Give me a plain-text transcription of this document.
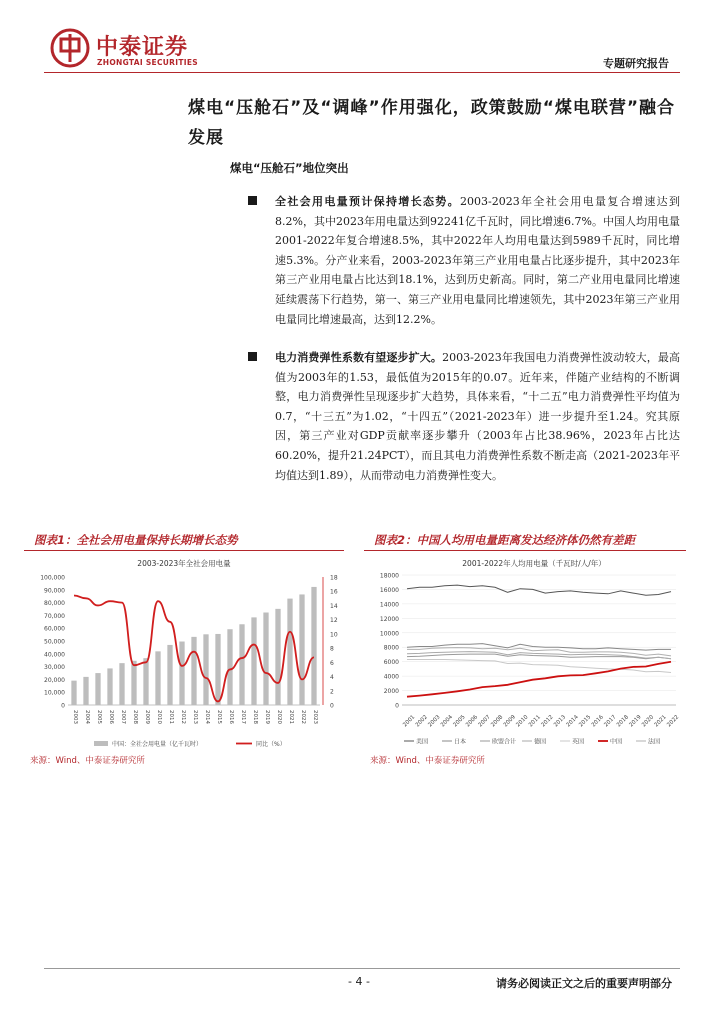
中泰证券
ZHONGTAI SECURITIES	专题研究报告
煤电“压舱石”及“调峰”作用强化，政策鼓励“煤电联营”融合发展
煤电“压舱石”地位突出
全社会用电量预计保持增长态势。2003-2023年全社会用电量复合增速达到8.2%，其中2023年用电量达到92241亿千瓦时，同比增速6.7%。中国人均用电量2001-2022年复合增速8.5%，其中2022年人均用电量达到5989千瓦时，同比增速5.3%。分产业来看，2003-2023年第三产业用电量占比逐步提升，其中2023年第三产业用电量占比达到18.1%，达到历史新高。同时，第二产业用电量同比增速延续震荡下行趋势，第一、第三产业用电量同比增速领先，其中2023年第三产业用电量同比增速最高，达到12.2%。
电力消费弹性系数有望逐步扩大。2003-2023年我国电力消费弹性波动较大，最高值为2003年的1.53，最低值为2015年的0.07。近年来，伴随产业结构的不断调整，电力消费弹性呈现逐步扩大趋势，具体来看，“十二五”电力消费弹性平均值为0.7，“十三五”为1.02，“十四五”（2021-2023年）进一步提升至1.24。究其原因，第三产业对GDP贡献率逐步攀升（2003年占比38.96%，2023年占比达60.20%，提升21.24PCT），而且其电力消费弹性系数不断走高（2021-2023年平均值达到1.89），从而带动电力消费弹性变大。
图表1：全社会用电量保持长期增长态势
2003-2023年全社会用电量
0
10,000
20,000
30,000
40,000
50,000
60,000
70,000
80,000
90,000
100,000
0
2
4
6
8
10
12
14
16
18
2003 2004 2005 2006 2007 2008 2009 2010 2011 2012 2013 2014 2015 2016 2017 2018 2019 2020 2021 2022 2023
中国：全社会用电量（亿千瓦时）	同比（%）
来源：Wind、中泰证券研究所
图表2：中国人均用电量距离发达经济体仍然有差距
2001-2022年人均用电量（千瓦时/人/年）
0
2000
4000
6000
8000
10000
12000
14000
16000
18000
2001
2002
2003
2004
2005
2006
2007
2008
2009
2010
2011
2012
2013
2014
2015
2016
2017
2018
2019
2020
2021
2022
美国	日本	欧盟合计	德国	英国	中国	法国
来源：Wind、中泰证券研究所
- 4 -	请务必阅读正文之后的重要声明部分
